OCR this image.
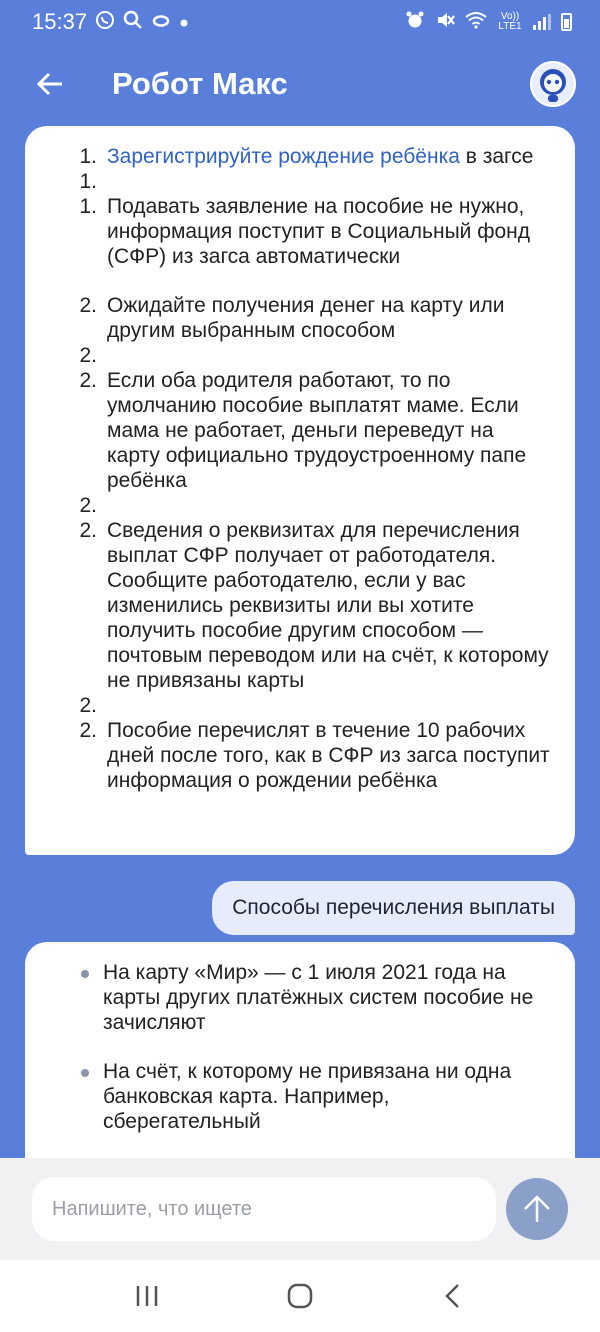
15:37	Vo)) LTE1
Робот Макс
1. Зарегистрируйте рождение ребёнка в загсе
1.
1. Подавать заявление на пособие не нужно, информация поступит в Социальный фонд (СФР) из загса автоматически
2. Ожидайте получения денег на карту или другим выбранным способом
2.
2. Если оба родителя работают, то по умолчанию пособие выплатят маме. Если мама не работает, деньги переведут на карту официально трудоустроенному папе ребёнка
2.
2. Сведения о реквизитах для перечисления выплат СФР получает от работодателя. Сообщите работодателю, если у вас изменились реквизиты или вы хотите получить пособие другим способом — почтовым переводом или на счёт, к которому не привязаны карты
2.
2. Пособие перечислят в течение 10 рабочих дней после того, как в СФР из загса поступит информация о рождении ребёнка
Способы перечисления выплаты
На карту «Мир» — с 1 июля 2021 года на карты других платёжных систем пособие не зачисляют
На счёт, к которому не привязана ни одна банковская карта. Например, сберегательный
Напишите, что ищете
